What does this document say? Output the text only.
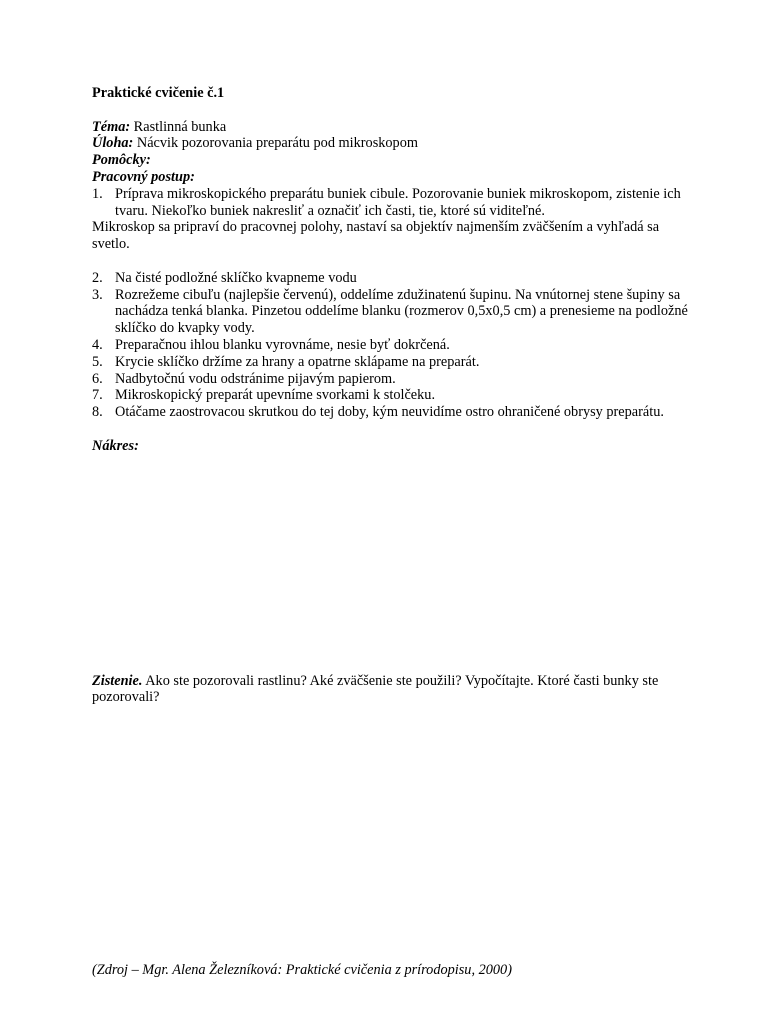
Praktické cvičenie č.1

Téma: Rastlinná bunka

Úloha: Nácvik pozorovania preparátu pod mikroskopom

Pomôcky:

Pracovný postup:

1. Príprava mikroskopického preparátu buniek cibule. Pozorovanie buniek mikroskopom, zistenie ich tvaru. Niekoľko buniek nakresliť a označiť ich časti, tie, ktoré sú viditeľné.

Mikroskop sa pripraví do pracovnej polohy, nastaví sa objektív najmenším zväčšením a vyhľadá sa svetlo.

2. Na čisté podložné sklíčko kvapneme vodu
3. Rozrežeme cibuľu (najlepšie červenú), oddelíme zdužinatenú šupinu. Na vnútornej stene šupiny sa nachádza tenká blanka. Pinzetou oddelíme blanku (rozmerov 0,5x0,5 cm) a prenesieme na podložné sklíčko do kvapky vody.
4. Preparačnou ihlou blanku vyrovnáme, nesie byť dokrčená.
5. Krycie sklíčko držíme za hrany a opatrne sklápame na preparát.
6. Nadbytočnú vodu odstránime pijavým papierom.
7. Mikroskopický preparát upevníme svorkami k stolčeku.
8. Otáčame zaostrovacou skrutkou do tej doby, kým neuvidíme ostro ohraničené obrysy preparátu.

Nákres:

Zistenie. Ako ste pozorovali rastlinu? Aké zväčšenie ste použili? Vypočítajte. Ktoré časti bunky ste pozorovali?

(Zdroj – Mgr. Alena Železníková: Praktické cvičenia z prírodopisu, 2000)
